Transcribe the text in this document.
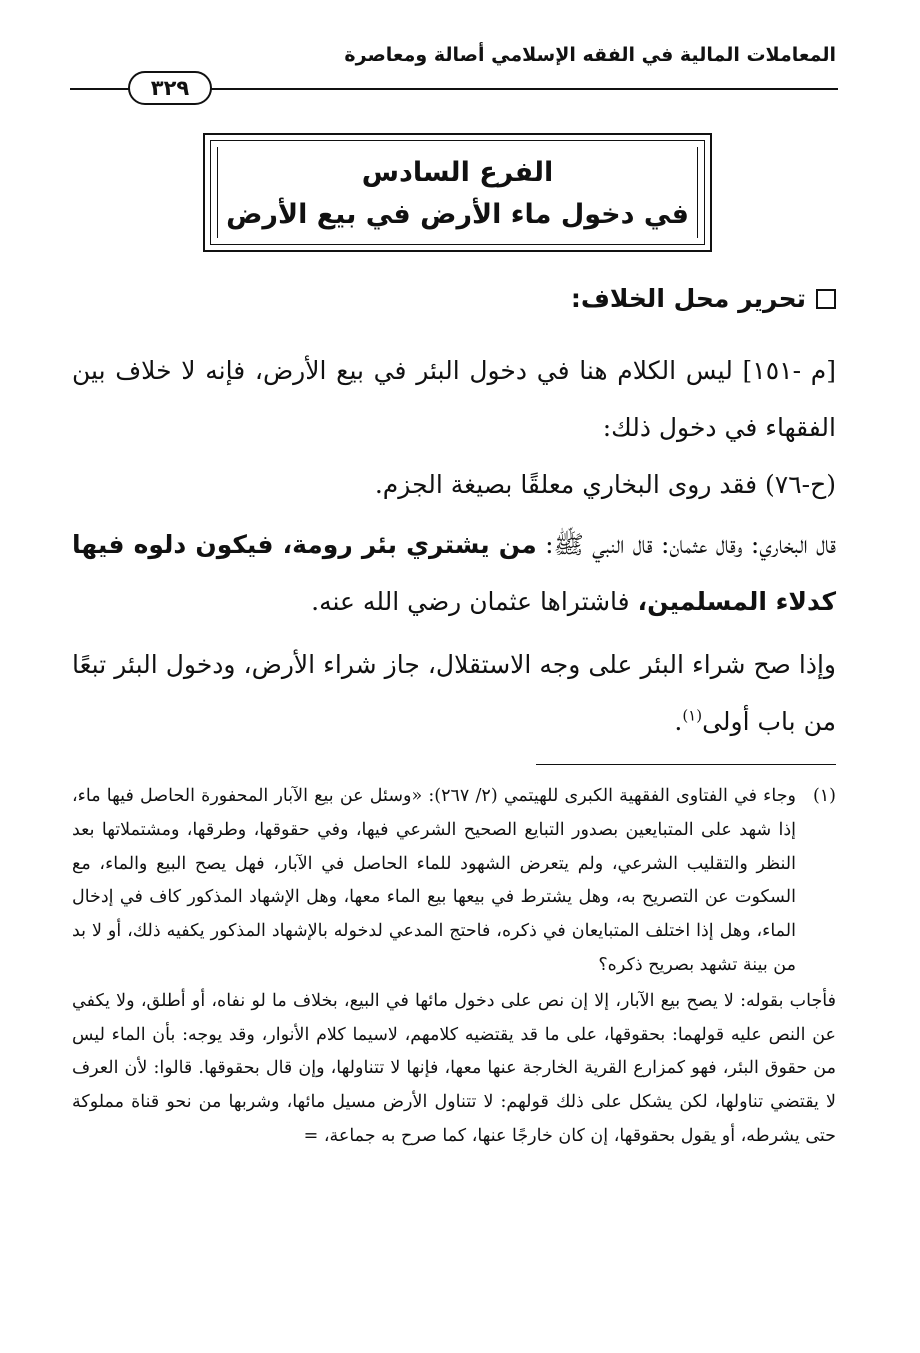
المعاملات المالية في الفقه الإسلامي أصالة ومعاصرة
٣٢٩
الفرع السادس
في دخول ماء الأرض في بيع الأرض
تحرير محل الخلاف:
[م -١٥١] ليس الكلام هنا في دخول البئر في بيع الأرض، فإنه لا خلاف بين الفقهاء في دخول ذلك:
(ح-٧٦) فقد روى البخاري معلقًا بصيغة الجزم.
قال البخاري: وقال عثمان: قال النبي ﷺ: من يشتري بئر رومة، فيكون دلوه فيها كدلاء المسلمين، فاشتراها عثمان رضي الله عنه.
وإذا صح شراء البئر على وجه الاستقلال، جاز شراء الأرض، ودخول البئر تبعًا من باب أولى$^{(١)}$.
(١)
وجاء في الفتاوى الفقهية الكبرى للهيتمي (٢/ ٢٦٧): «وسئل عن بيع الآبار المحفورة الحاصل فيها ماء، إذا شهد على المتبايعين بصدور التبايع الصحيح الشرعي فيها، وفي حقوقها، وطرقها، ومشتملاتها بعد النظر والتقليب الشرعي، ولم يتعرض الشهود للماء الحاصل في الآبار، فهل يصح البيع والماء، مع السكوت عن التصريح به، وهل يشترط في بيعها بيع الماء معها، وهل الإشهاد المذكور كاف في إدخال الماء، وهل إذا اختلف المتبايعان في ذكره، فاحتج المدعي لدخوله بالإشهاد المذكور يكفيه ذلك، أو لا بد من بينة تشهد بصريح ذكره؟
فأجاب بقوله: لا يصح بيع الآبار، إلا إن نص على دخول مائها في البيع، بخلاف ما لو نفاه، أو أطلق، ولا يكفي عن النص عليه قولهما: بحقوقها، على ما قد يقتضيه كلامهم، لاسيما كلام الأنوار، وقد يوجه: بأن الماء ليس من حقوق البئر، فهو كمزارع القرية الخارجة عنها معها، فإنها لا تتناولها، وإن قال بحقوقها. قالوا: لأن العرف لا يقتضي تناولها، لكن يشكل على ذلك قولهم: لا تتناول الأرض مسيل مائها، وشربها من نحو قناة مملوكة حتى يشرطه، أو يقول بحقوقها، إن كان خارجًا عنها، كما صرح به جماعة، =
